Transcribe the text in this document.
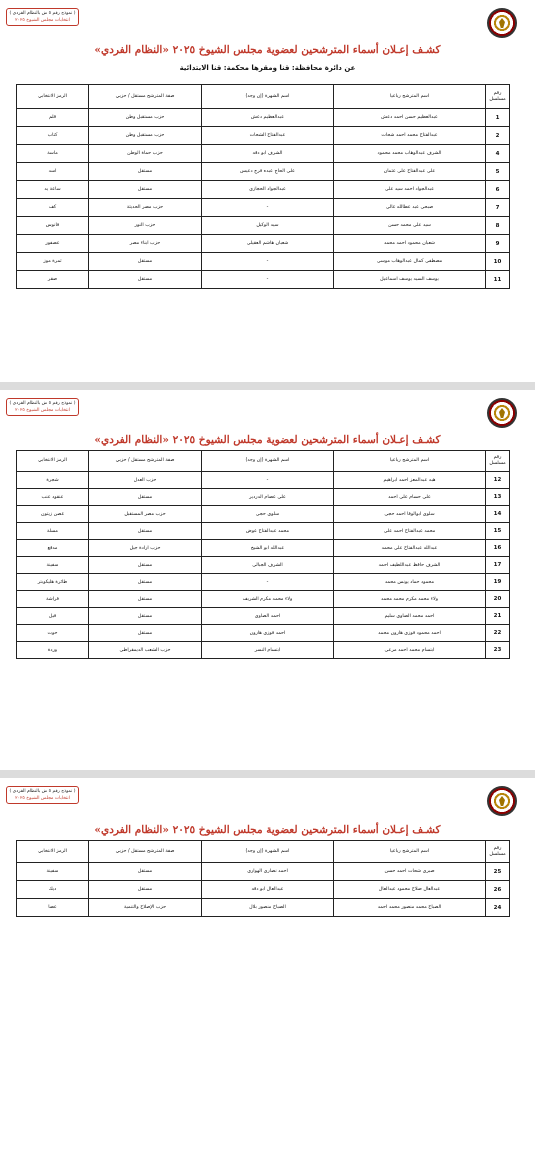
( نموذج رقم ٥ ش بالنظام الفردي )
انتخابات مجلس الشيوخ ٢٠٢٥
كشـف إعـلان أسماء المترشحين لعضوية مجلس الشيوخ ٢٠٢٥ «النظام الفردي»
عن دائرة محافظة: قنا ومقرها محكمة: قنا الابتدائية
رقم مسلسل	اسم المترشح رباعيا	اسم الشهرة (إن وجد)	صفة المترشح مستقل / حزبي	الرمز الانتخابي
1	عبدالعظيم حسن احمد دعش	عبدالعظيم دعش	حزب مستقبل وطن	قلم
2	عبدالفتاح محمد احمد شحات	عبدالفتاح الشحات	حزب مستقبل وطن	كتاب
4	الشرف عبدالوهاب محمد محمود	الشرف ابو دقه	حزب حماة الوطن	ماسة
5	على عبدالفتاح على عثمان	على الحاج عبده فرج دعيس	مستقل	اسد
6	عبدالجواد احمد سيد على	عبدالجواد الحجازى	مستقل	ساعة يد
7	صبحى عبد عطالله غالى	-	حزب مصر الحديثة	كف
8	سيد على محمد حسن	سيد الوكيل	حزب النور	فانوس
9	شعبان محمود احمد محمد	شعبان هاشم العقيلى	حزب ابناء مصر	عصفور
10	مصطفى كمال عبدالوهاب موسى	-	مستقل	ثمرة موز
11	يوسف السيد يوسف اسماعيل	-	مستقل	صقر
( نموذج رقم ٥ ش بالنظام الفردي )
انتخابات مجلس الشيوخ ٢٠٢٥
كشـف إعـلان أسماء المترشحين لعضوية مجلس الشيوخ ٢٠٢٥ «النظام الفردي»
رقم مسلسل	اسم المترشح رباعيا	اسم الشهرة (إن وجد)	صفة المترشح مستقل / حزبي	الرمز الانتخابي
12	هبه عبدالمعز احمد ابراهيم	-	حزب العدل	شجرة
13	على حسام على احمد	على عصام الدردير	مستقل	عنقود عنب
14	سلوى ابوالوفا احمد حجى	سلوى حجى	حزب مصر المستقبل	غصن زيتون
15	محمد عبدالفتاح احمد على	محمد عبدالفتاح عوض	مستقل	مسلة
16	عبدالله عبدالفتاح على محمد	عبدالله ابو الشيخ	حزب ارادة جيل	مدفع
17	الشرف حافظ عبداللطيف احمد	الشرف الجبالى	مستقل	سفينة
19	محمود حماد يونس محمد	-	مستقل	طائرة هليكوبتر
20	ولاء محمد مكرم محمد محمد	ولاء محمد مكرم الشريف	مستقل	فراشة
21	احمد محمد الصاوى سليم	احمد الصاوى	مستقل	فيل
22	احمد محمود فوزى هارون محمد	احمد فوزى هارون	مستقل	حوت
23	ابتسام محمد احمد مرعى	ابتسام النسر	حزب الشعب الديمقراطى	وردة
( نموذج رقم ٥ ش بالنظام الفردي )
انتخابات مجلس الشيوخ ٢٠٢٥
كشـف إعـلان أسماء المترشحين لعضوية مجلس الشيوخ ٢٠٢٥ «النظام الفردي»
رقم مسلسل	اسم المترشح رباعيا	اسم الشهرة (إن وجد)	صفة المترشح مستقل / حزبي	الرمز الانتخابي
25	صبرى شحات احمد حسن	احمد نصارى الهوارى	مستقل	سفينة
26	عبدالعال صلاح محمود عبدالعال	عبدالعال ابو دقه	مستقل	ديك
24	الصباح محمد منصور محمد احمد	الصباح منصور بلال	حزب الإصلاح والتنمية	عصا
